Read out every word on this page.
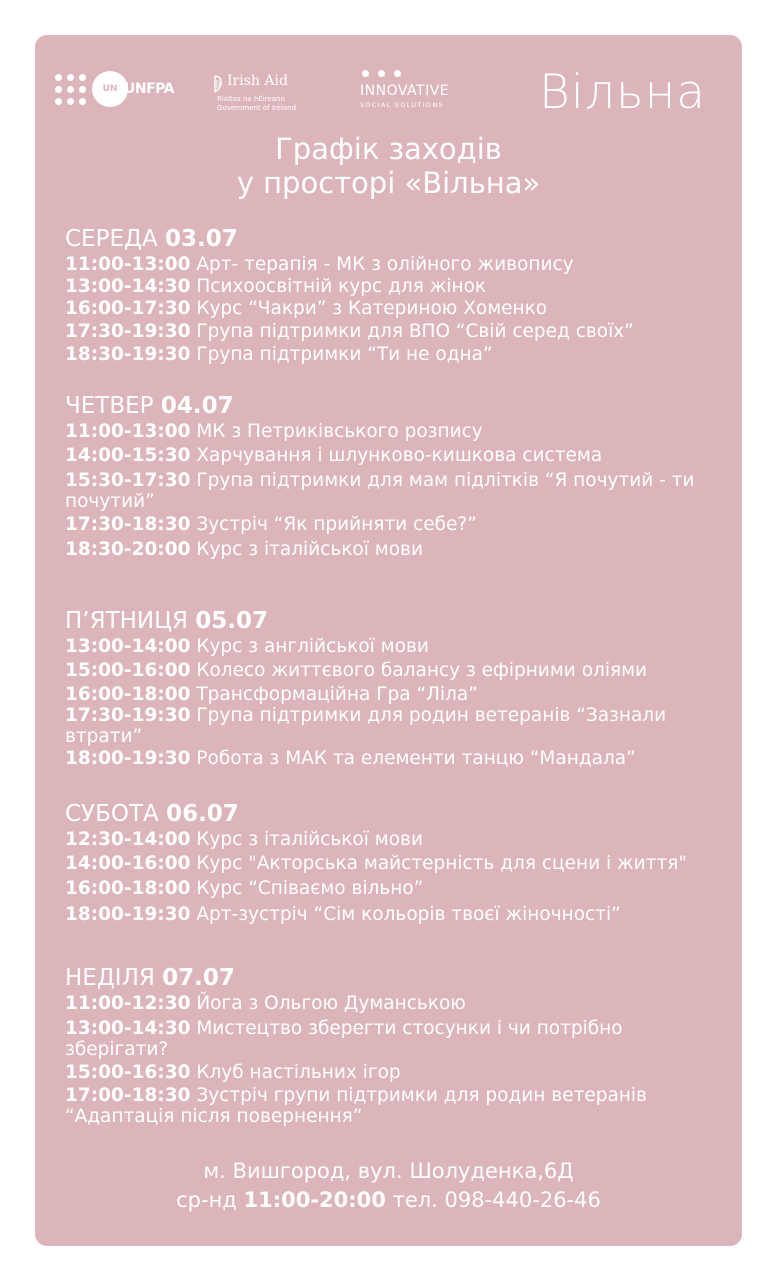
UN UNFPA	Irish Aid
Rialtas na hÉireann
Government of Ireland
INNOVATIVE
SOCIAL SOLUTIONS	Вільна
Графік заходів
у просторі «Вільна»
СЕРЕДА 03.07
11:00-13:00 Арт- терапія - МК з олійного живопису
13:00-14:30 Психоосвітній курс для жінок
16:00-17:30 Курс “Чакри” з Катериною Хоменко
17:30-19:30 Група підтримки для ВПО “Свій серед своїх”
18:30-19:30 Група підтримки “Ти не одна”
ЧЕТВЕР 04.07
11:00-13:00 МК з Петриківського розпису
14:00-15:30 Харчування і шлунково-кишкова система
15:30-17:30 Група підтримки для мам підлітків “Я почутий - ти
почутий”
17:30-18:30 Зустріч “Як прийняти себе?”
18:30-20:00 Курс з італійської мови
П’ЯТНИЦЯ 05.07
13:00-14:00 Курс з англійської мови
15:00-16:00 Колесо життєвого балансу з ефірними оліями
16:00-18:00 Трансформаційна Гра “Ліла”
17:30-19:30 Група підтримки для родин ветеранів “Зазнали
втрати”
18:00-19:30 Робота з МАК та елементи танцю “Мандала”
СУБОТА 06.07
12:30-14:00 Курс з італійської мови
14:00-16:00 Курс "Акторська майстерність для сцени і життя"
16:00-18:00 Курс “Співаємо вільно”
18:00-19:30 Арт-зустріч “Сім кольорів твоєї жіночності”
НЕДІЛЯ 07.07
11:00-12:30 Йога з Ольгою Думанською
13:00-14:30 Мистецтво зберегти стосунки і чи потрібно
зберігати?
15:00-16:30 Клуб настільних ігор
17:00-18:30 Зустріч групи підтримки для родин ветеранів
“Адаптація після повернення”
м. Вишгород, вул. Шолуденка,6Д
ср-нд 11:00-20:00 тел. 098-440-26-46
